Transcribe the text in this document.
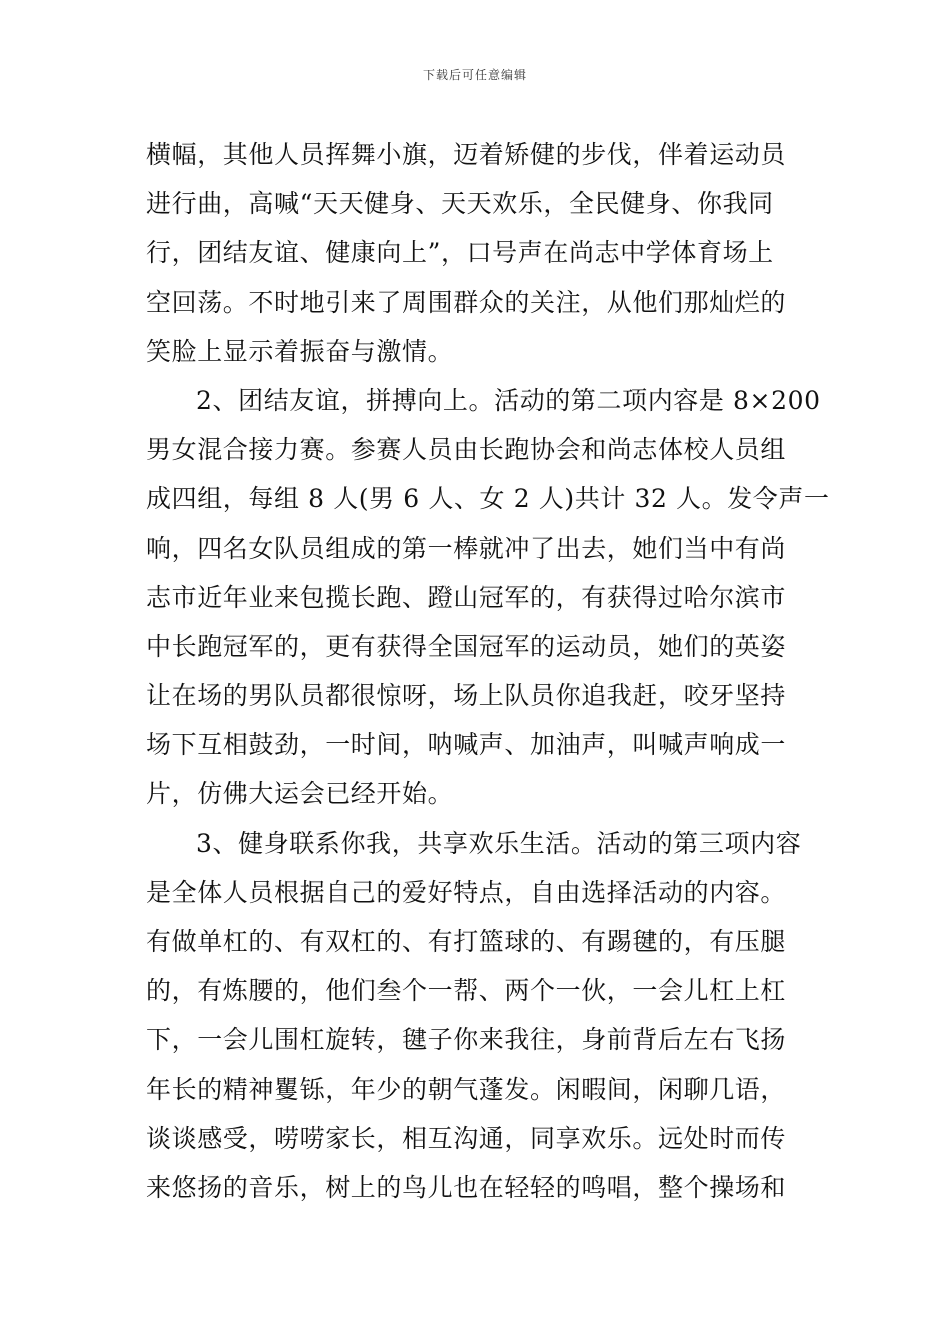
下载后可任意编辑
横幅，其他人员挥舞小旗，迈着矫健的步伐，伴着运动员
进行曲，高喊“天天健身、天天欢乐，全民健身、你我同
行，团结友谊、健康向上”，口号声在尚志中学体育场上
空回荡。不时地引来了周围群众的关注，从他们那灿烂的
笑脸上显示着振奋与激情。
2、团结友谊，拼搏向上。活动的第二项内容是 8×200
男女混合接力赛。参赛人员由长跑协会和尚志体校人员组
成四组，每组 8 人(男 6 人、女 2 人)共计 32 人。发令声一
响，四名女队员组成的第一棒就冲了出去，她们当中有尚
志市近年业来包揽长跑、蹬山冠军的，有获得过哈尔滨市
中长跑冠军的，更有获得全国冠军的运动员，她们的英姿
让在场的男队员都很惊呀，场上队员你追我赶，咬牙坚持
场下互相鼓劲，一时间，呐喊声、加油声，叫喊声响成一
片，仿佛大运会已经开始。
3、健身联系你我，共享欢乐生活。活动的第三项内容
是全体人员根据自己的爱好特点，自由选择活动的内容。
有做单杠的、有双杠的、有打篮球的、有踢毽的，有压腿
的，有炼腰的，他们叁个一帮、两个一伙，一会儿杠上杠
下，一会儿围杠旋转，毽子你来我往，身前背后左右飞扬
年长的精神矍铄，年少的朝气蓬发。闲暇间，闲聊几语，
谈谈感受，唠唠家长，相互沟通，同享欢乐。远处时而传
来悠扬的音乐，树上的鸟儿也在轻轻的鸣唱，整个操场和
